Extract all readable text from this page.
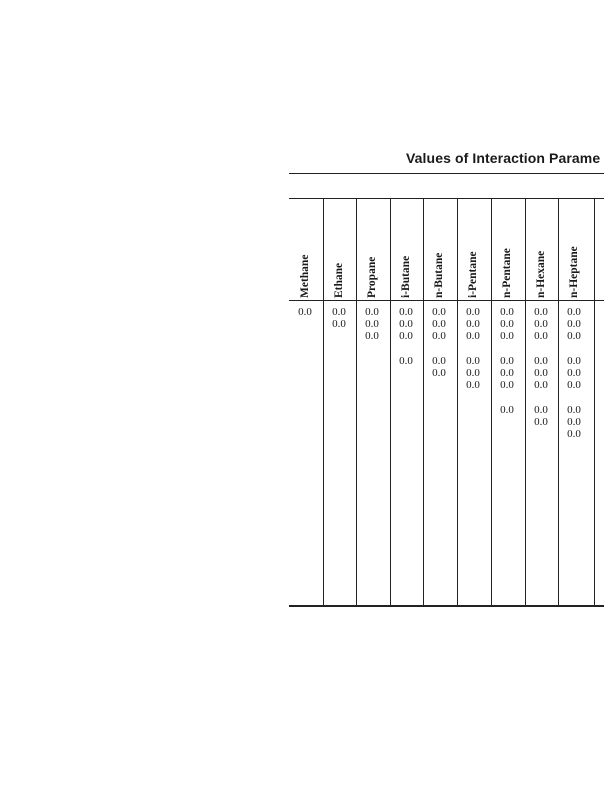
Values of Interaction Parame
Methane Ethane Propane i-Butane n-Butane i-Pentane n-Pentane n-Hexane n-Heptane
0.0	0.0
0.0
0.0
0.0
0.0
0.0
0.0
0.0
0.0
0.0
0.0
0.0
0.0
0.0
0.0
0.0
0.0
0.0
0.0
0.0
0.0
0.0
0.0
0.0
0.0
0.0
0.0
0.0
0.0
0.0
0.0
0.0
0.0
0.0
0.0
0.0
0.0
0.0
0.0
0.0
0.0
0.0
0.0
0.0
